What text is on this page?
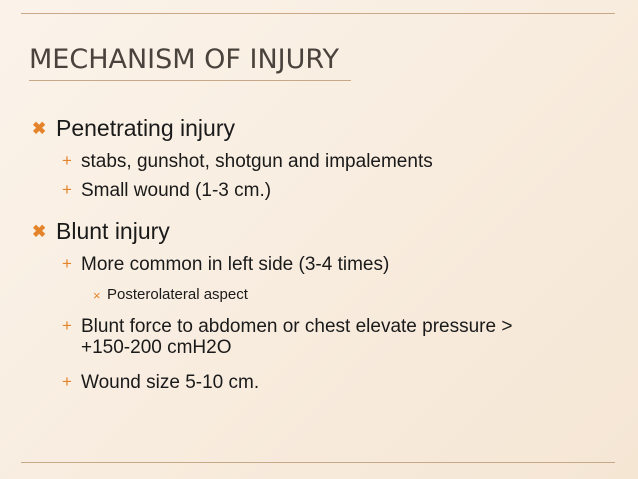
MECHANISM OF INJURY
✖ Penetrating injury
+ stabs, gunshot, shotgun and impalements
+ Small wound (1-3 cm.)
✖ Blunt injury
+ More common in left side (3-4 times)
× Posterolateral aspect
+ Blunt force to abdomen or chest elevate pressure > +150-200 cmH2O
+ Wound size 5-10 cm.
